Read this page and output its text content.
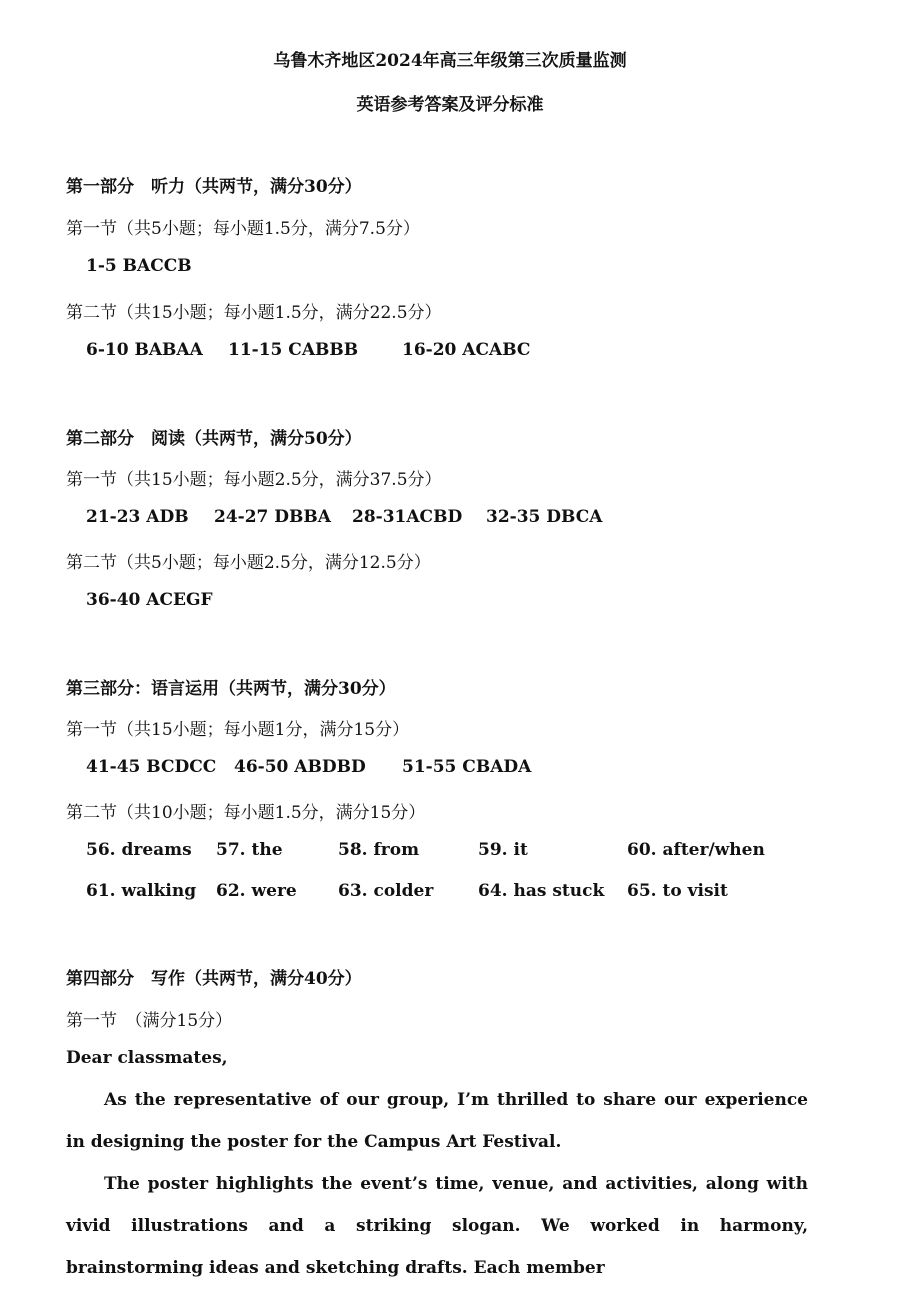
乌鲁木齐地区2024年高三年级第三次质量监测
英语参考答案及评分标准
第一部分　听力（共两节，满分30分）
第一节（共5小题；每小题1.5分，满分7.5分）
1-5 BACCB
第二节（共15小题；每小题1.5分，满分22.5分）
6-10 BABAA 11-15 CABBB	16-20 ACABC
第二部分　阅读（共两节，满分50分）
第一节（共15小题；每小题2.5分，满分37.5分）
21-23 ADB 24-27 DBBA 28-31ACBD 32-35 DBCA
第二节（共5小题；每小题2.5分，满分12.5分）
36-40 ACEGF
第三部分：语言运用（共两节，满分30分）
第一节（共15小题；每小题1分，满分15分）
41-45 BCDCC 46-50 ABDBD 51-55 CBADA
第二节（共10小题；每小题1.5分，满分15分）
56. dreams 57. the	58. from	59. it	60. after/when
61. walking 62. were 63. colder	64. has stuck 65. to visit
第四部分　写作（共两节，满分40分）
第一节　（满分15分）
Dear classmates,
As the representative of our group, I’m thrilled to share our experience in designing the poster for the Campus Art Festival.
The poster highlights the event’s time, venue, and activities, along with vivid illustrations and a striking slogan. We worked in harmony, brainstorming ideas and sketching drafts. Each member
